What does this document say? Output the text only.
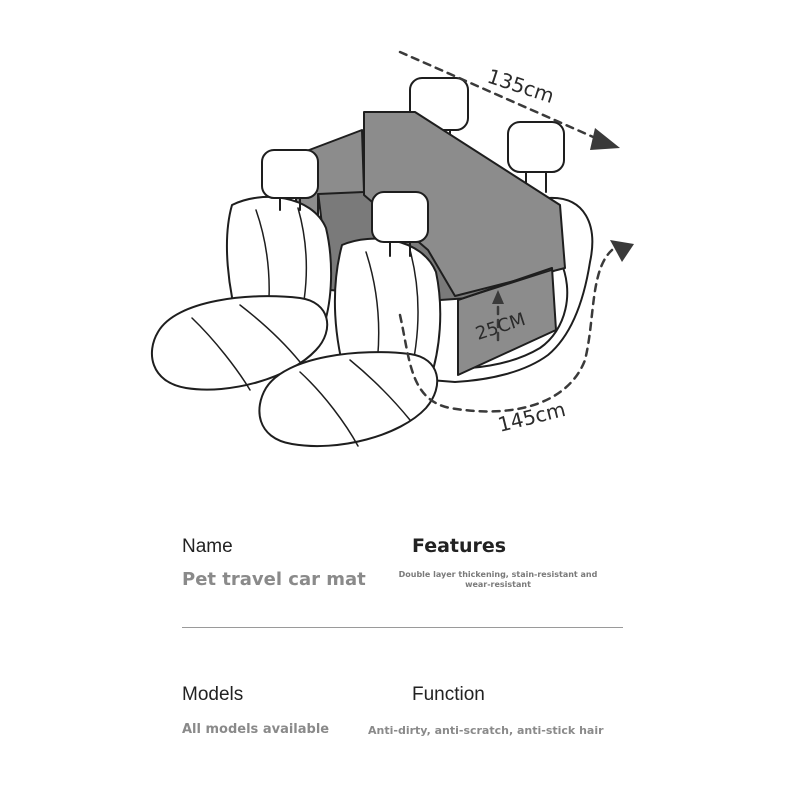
135cm
25CM
145cm
Name
Pet travel car mat
Features
Double layer thickening, stain-resistant and wear-resistant
Models
All models available
Function
Anti-dirty, anti-scratch, anti-stick hair
